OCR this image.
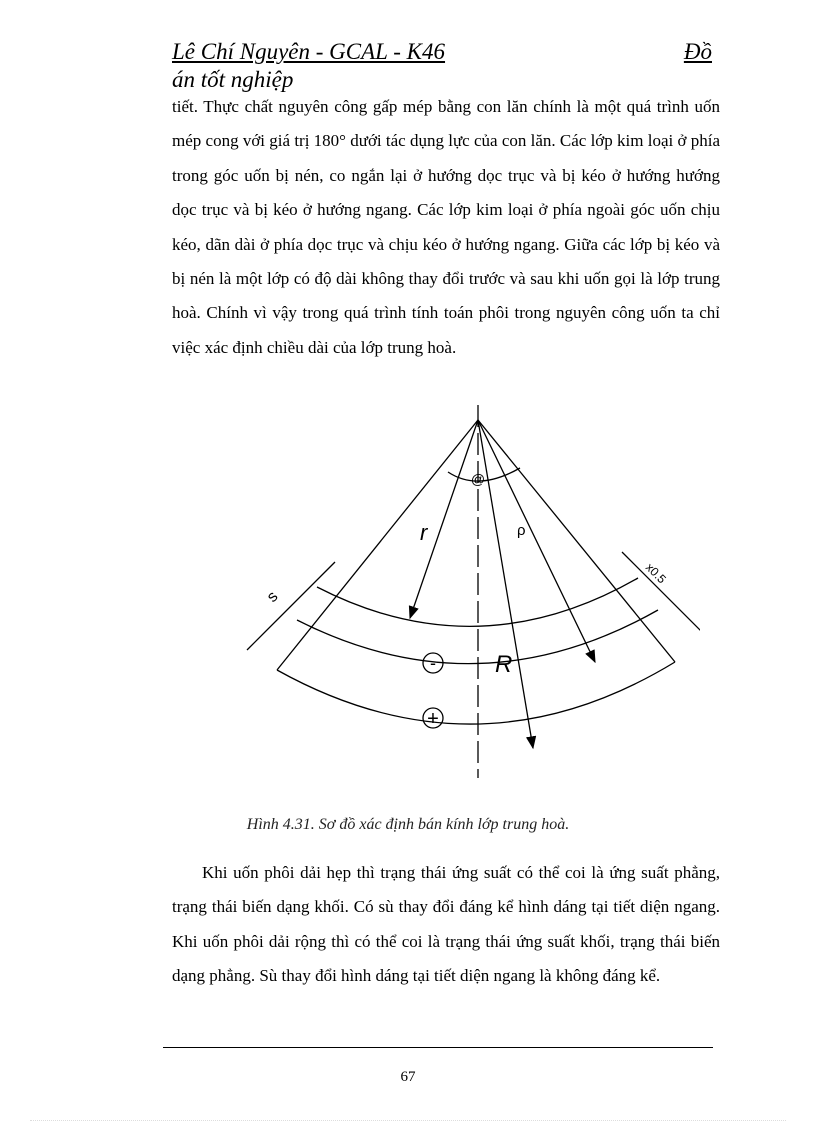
Lê Chí Nguyên - GCAL - K46	Đồ
án tốt nghiệp

tiết. Thực chất nguyên công gấp mép bằng con lăn chính là một quá trình uốn mép cong với giá trị 180° dưới tác dụng lực của con lăn. Các lớp kim loại ở phía trong góc uốn bị nén, co ngắn lại ở hướng dọc trục và bị kéo ở hướng hướng dọc trục và bị kéo ở hướng ngang. Các lớp kim loại ở phía ngoài góc uốn chịu kéo, dãn dài ở phía dọc trục và chịu kéo ở hướng ngang. Giữa các lớp bị kéo và bị nén là một lớp có độ dài không thay đổi trước và sau khi uốn gọi là lớp trung hoà. Chính vì vậy trong quá trình tính toán phôi trong nguyên công uốn ta chỉ việc xác định chiều dài của lớp trung hoà.

@
r	ρ
R
s
x0.5
-
+
Hình 4.31. Sơ đồ xác định bán kính lớp trung hoà.

Khi uốn phôi dải hẹp thì trạng thái ứng suất có thể coi là ứng suất phẳng, trạng thái biến dạng khối. Có sù thay đổi đáng kể hình dáng tại tiết diện ngang. Khi uốn phôi dải rộng thì có thể coi là trạng thái ứng suất khối, trạng thái biến dạng phẳng. Sù thay đổi hình dáng tại tiết diện ngang là không đáng kể.

67
